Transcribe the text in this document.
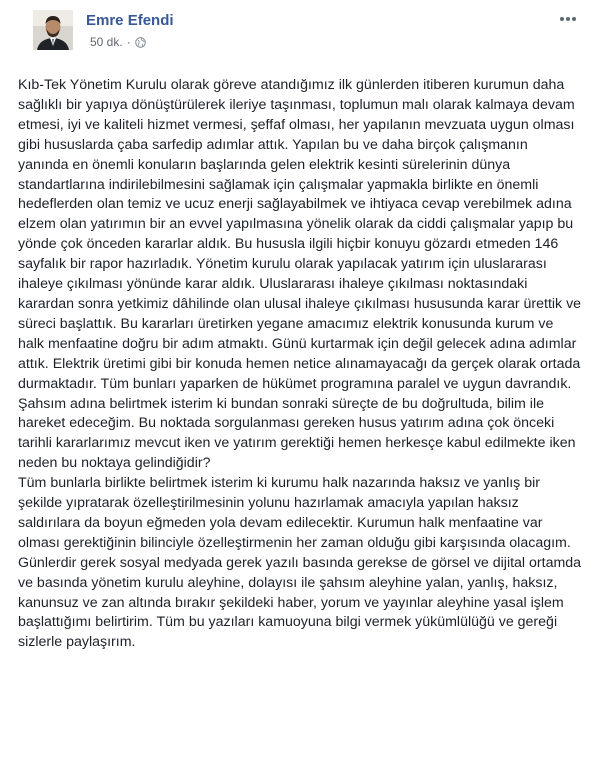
Emre Efendi
50 dk. ·

Kıb-Tek Yönetim Kurulu olarak göreve atandığımız ilk günlerden itiberen kurumun daha sağlıklı bir yapıya dönüştürülerek ileriye taşınması, toplumun malı olarak kalmaya devam etmesi, iyi ve kaliteli hizmet vermesi, şeffaf olması, her yapılanın mevzuata uygun olması gibi hususlarda çaba sarfedip adımlar attık. Yapılan bu ve daha birçok çalışmanın yanında en önemli konuların başlarında gelen elektrik kesinti sürelerinin dünya standartlarına indirilebilmesini sağlamak için çalışmalar yapmakla birlikte en önemli hedeflerden olan temiz ve ucuz enerji sağlayabilmek ve ihtiyaca cevap verebilmek adına elzem olan yatırımın bir an evvel yapılmasına yönelik olarak da ciddi çalışmalar yapıp bu yönde çok önceden kararlar aldık. Bu hususla ilgili hiçbir konuyu gözardı etmeden 146 sayfalık bir rapor hazırladık. Yönetim kurulu olarak yapılacak yatırım için uluslararası ihaleye çıkılması yönünde karar aldık. Uluslararası ihaleye çıkılması noktasındaki karardan sonra yetkimiz dâhilinde olan ulusal ihaleye çıkılması hususunda karar ürettik ve süreci başlattık. Bu kararları üretirken yegane amacımız elektrik konusunda kurum ve halk menfaatine doğru bir adım atmaktı. Günü kurtarmak için değil gelecek adına adımlar attık. Elektrik üretimi gibi bir konuda hemen netice alınamayacağı da gerçek olarak ortada durmaktadır. Tüm bunları yaparken de hükümet programına paralel ve uygun davrandık. Şahsım adına belirtmek isterim ki bundan sonraki süreçte de bu doğrultuda, bilim ile hareket edeceğim. Bu noktada sorgulanması gereken husus yatırım adına çok önceki tarihli kararlarımız mevcut iken ve yatırım gerektiği hemen herkesçe kabul edilmekte iken neden bu noktaya gelindiğidir?

Tüm bunlarla birlikte belirtmek isterim ki kurumu halk nazarında haksız ve yanlış bir şekilde yıpratarak özelleştirilmesinin yolunu hazırlamak amacıyla yapılan haksız saldırılara da boyun eğmeden yola devam edilecektir. Kurumun halk menfaatine var olması gerektiğinin bilinciyle özelleştirmenin her zaman olduğu gibi karşısında olacagım. Günlerdir gerek sosyal medyada gerek yazılı basında gerekse de görsel ve dijital ortamda ve basında yönetim kurulu aleyhine, dolayısı ile şahsım aleyhine yalan, yanlış, haksız, kanunsuz ve zan altında bırakır şekildeki haber, yorum ve yayınlar aleyhine yasal işlem başlattığımı belirtirim. Tüm bu yazıları kamuoyuna bilgi vermek yükümlülüğü ve gereği sizlerle paylaşırım.
